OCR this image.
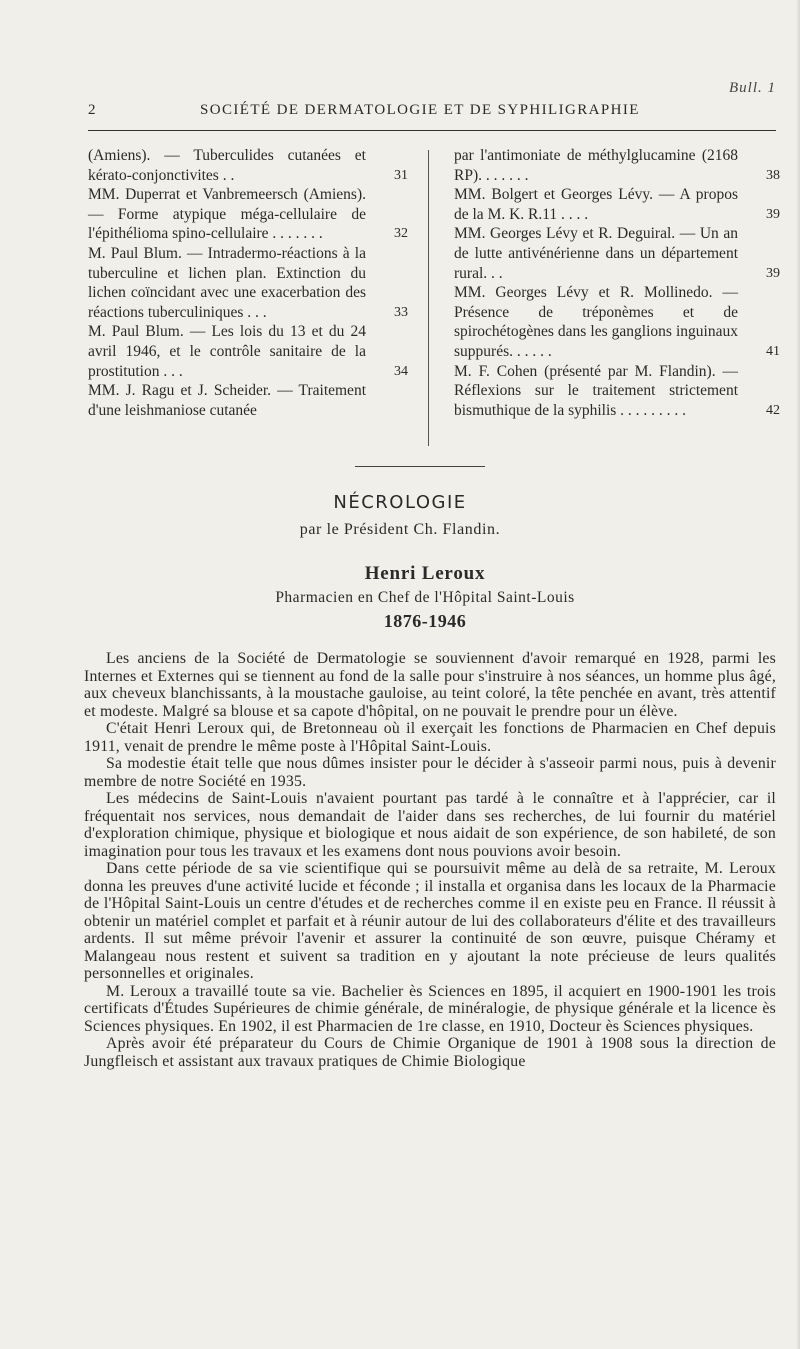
Bull. 1
2	SOCIÉTÉ DE DERMATOLOGIE ET DE SYPHILIGRAPHIE
(Amiens). — Tuberculides cutanées et kérato-conjonctivites . .	31
MM. Duperrat et Vanbremeersch (Amiens). — Forme atypique méga-cellulaire de l'épithélioma spino-cellulaire . . . . . . .	32
M. Paul Blum. — Intradermo-réactions à la tuberculine et lichen plan. Extinction du lichen coïncidant avec une exacerbation des réactions tuberculiniques . . .	33
M. Paul Blum. — Les lois du 13 et du 24 avril 1946, et le contrôle sanitaire de la prostitution . . .	34
MM. J. Ragu et J. Scheider. — Traitement d'une leishmaniose cutanée
par l'antimoniate de méthylglucamine (2168 RP). . . . . . .	38
MM. Bolgert et Georges Lévy. — A propos de la M. K. R.11 . . . .	39
MM. Georges Lévy et R. Deguiral. — Un an de lutte antivénérienne dans un département rural. . .	39
MM. Georges Lévy et R. Mollinedo. — Présence de tréponèmes et de spirochétogènes dans les ganglions inguinaux suppurés. . . . . .	41
M. F. Cohen (présenté par M. Flandin). — Réflexions sur le traitement strictement bismuthique de la syphilis . . . . . . . . .	42
NÉCROLOGIE
par le Président Ch. Flandin.
Henri Leroux
Pharmacien en Chef de l'Hôpital Saint-Louis
1876-1946

Les anciens de la Société de Dermatologie se souviennent d'avoir remarqué en 1928, parmi les Internes et Externes qui se tiennent au fond de la salle pour s'instruire à nos séances, un homme plus âgé, aux cheveux blanchissants, à la moustache gauloise, au teint coloré, la tête penchée en avant, très attentif et modeste. Malgré sa blouse et sa capote d'hôpital, on ne pouvait le prendre pour un élève.

C'était Henri Leroux qui, de Bretonneau où il exerçait les fonctions de Pharmacien en Chef depuis 1911, venait de prendre le même poste à l'Hôpital Saint-Louis.

Sa modestie était telle que nous dûmes insister pour le décider à s'asseoir parmi nous, puis à devenir membre de notre Société en 1935.

Les médecins de Saint-Louis n'avaient pourtant pas tardé à le connaître et à l'apprécier, car il fréquentait nos services, nous demandait de l'aider dans ses recherches, de lui fournir du matériel d'exploration chimique, physique et biologique et nous aidait de son expérience, de son habileté, de son imagination pour tous les travaux et les examens dont nous pouvions avoir besoin.

Dans cette période de sa vie scientifique qui se poursuivit même au delà de sa retraite, M. Leroux donna les preuves d'une activité lucide et féconde ; il installa et organisa dans les locaux de la Pharmacie de l'Hôpital Saint-Louis un centre d'études et de recherches comme il en existe peu en France. Il réussit à obtenir un matériel complet et parfait et à réunir autour de lui des collaborateurs d'élite et des travailleurs ardents. Il sut même prévoir l'avenir et assurer la continuité de son œuvre, puisque Chéramy et Malangeau nous restent et suivent sa tradition en y ajoutant la note précieuse de leurs qualités personnelles et originales.

M. Leroux a travaillé toute sa vie. Bachelier ès Sciences en 1895, il acquiert en 1900-1901 les trois certificats d'Études Supérieures de chimie générale, de minéralogie, de physique générale et la licence ès Sciences physiques. En 1902, il est Pharmacien de 1re classe, en 1910, Docteur ès Sciences physiques.

Après avoir été préparateur du Cours de Chimie Organique de 1901 à 1908 sous la direction de Jungfleisch et assistant aux travaux pratiques de Chimie Biologique
